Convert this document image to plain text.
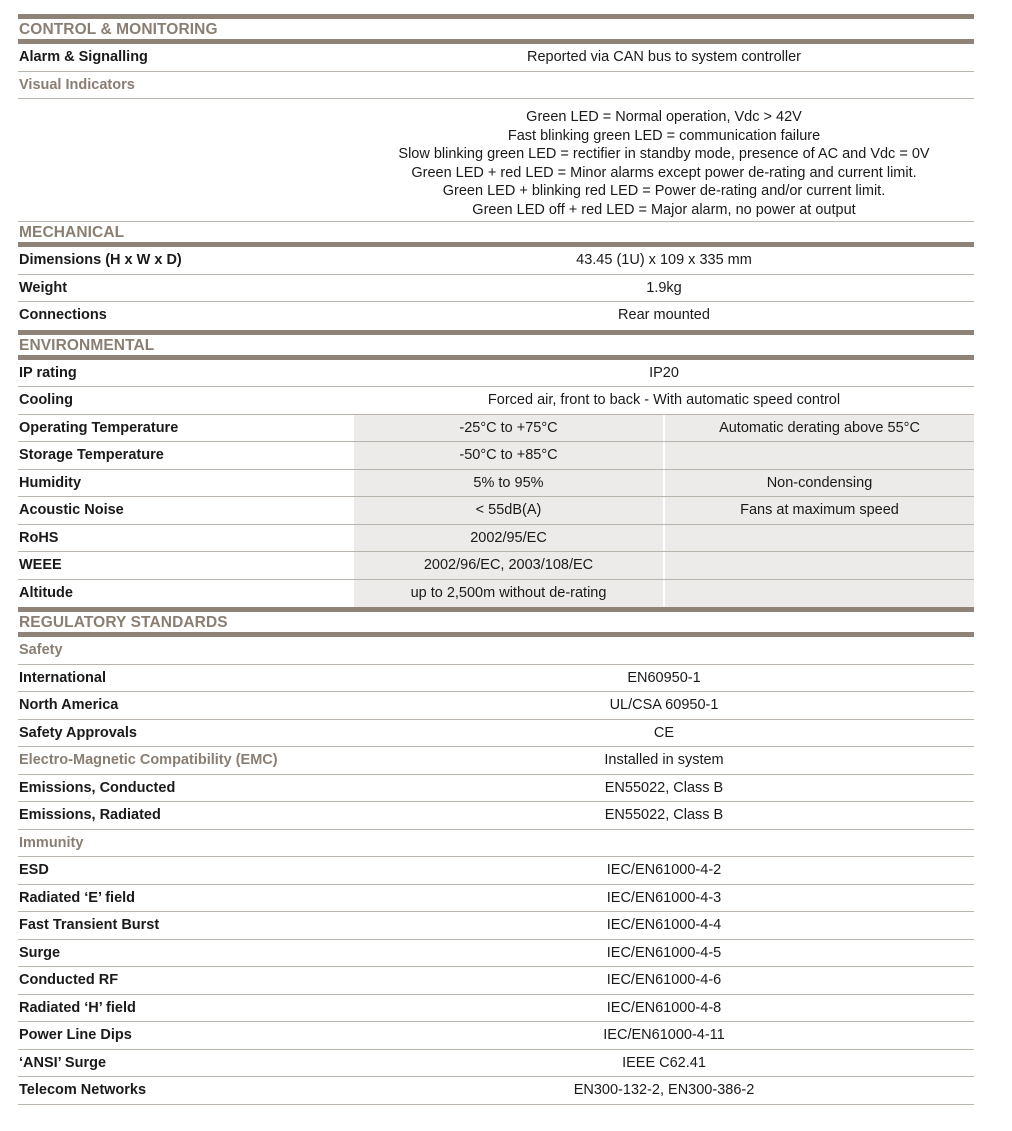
CONTROL & MONITORING
Alarm & Signalling	Reported via CAN bus to system controller
Visual Indicators
Green LED = Normal operation, Vdc > 42V
Fast blinking green LED = communication failure
Slow blinking green LED = rectifier in standby mode, presence of AC and Vdc = 0V
Green LED + red LED = Minor alarms except power de-rating and current limit.
Green LED + blinking red LED = Power de-rating and/or current limit.
Green LED off + red LED = Major alarm, no power at output
MECHANICAL
Dimensions (H x W x D)	43.45 (1U) x 109 x 335 mm
Weight	1.9kg
Connections	Rear mounted
ENVIRONMENTAL
IP rating	IP20
Cooling	Forced air, front to back - With automatic speed control
Operating Temperature	-25°C to +75°C	Automatic derating above 55°C
Storage Temperature	-50°C to +85°C
Humidity	5% to 95%	Non-condensing
Acoustic Noise	< 55dB(A)	Fans at maximum speed
RoHS	2002/95/EC
WEEE	2002/96/EC, 2003/108/EC
Altitude	up to 2,500m without de-rating
REGULATORY STANDARDS
Safety
International	EN60950-1
North America	UL/CSA 60950-1
Safety Approvals	CE
Electro-Magnetic Compatibility (EMC)	Installed in system
Emissions, Conducted	EN55022, Class B
Emissions, Radiated	EN55022, Class B
Immunity
ESD	IEC/EN61000-4-2
Radiated ‘E’ field	IEC/EN61000-4-3
Fast Transient Burst	IEC/EN61000-4-4
Surge	IEC/EN61000-4-5
Conducted RF	IEC/EN61000-4-6
Radiated ‘H’ field	IEC/EN61000-4-8
Power Line Dips	IEC/EN61000-4-11
‘ANSI’ Surge	IEEE C62.41
Telecom Networks	EN300-132-2, EN300-386-2
